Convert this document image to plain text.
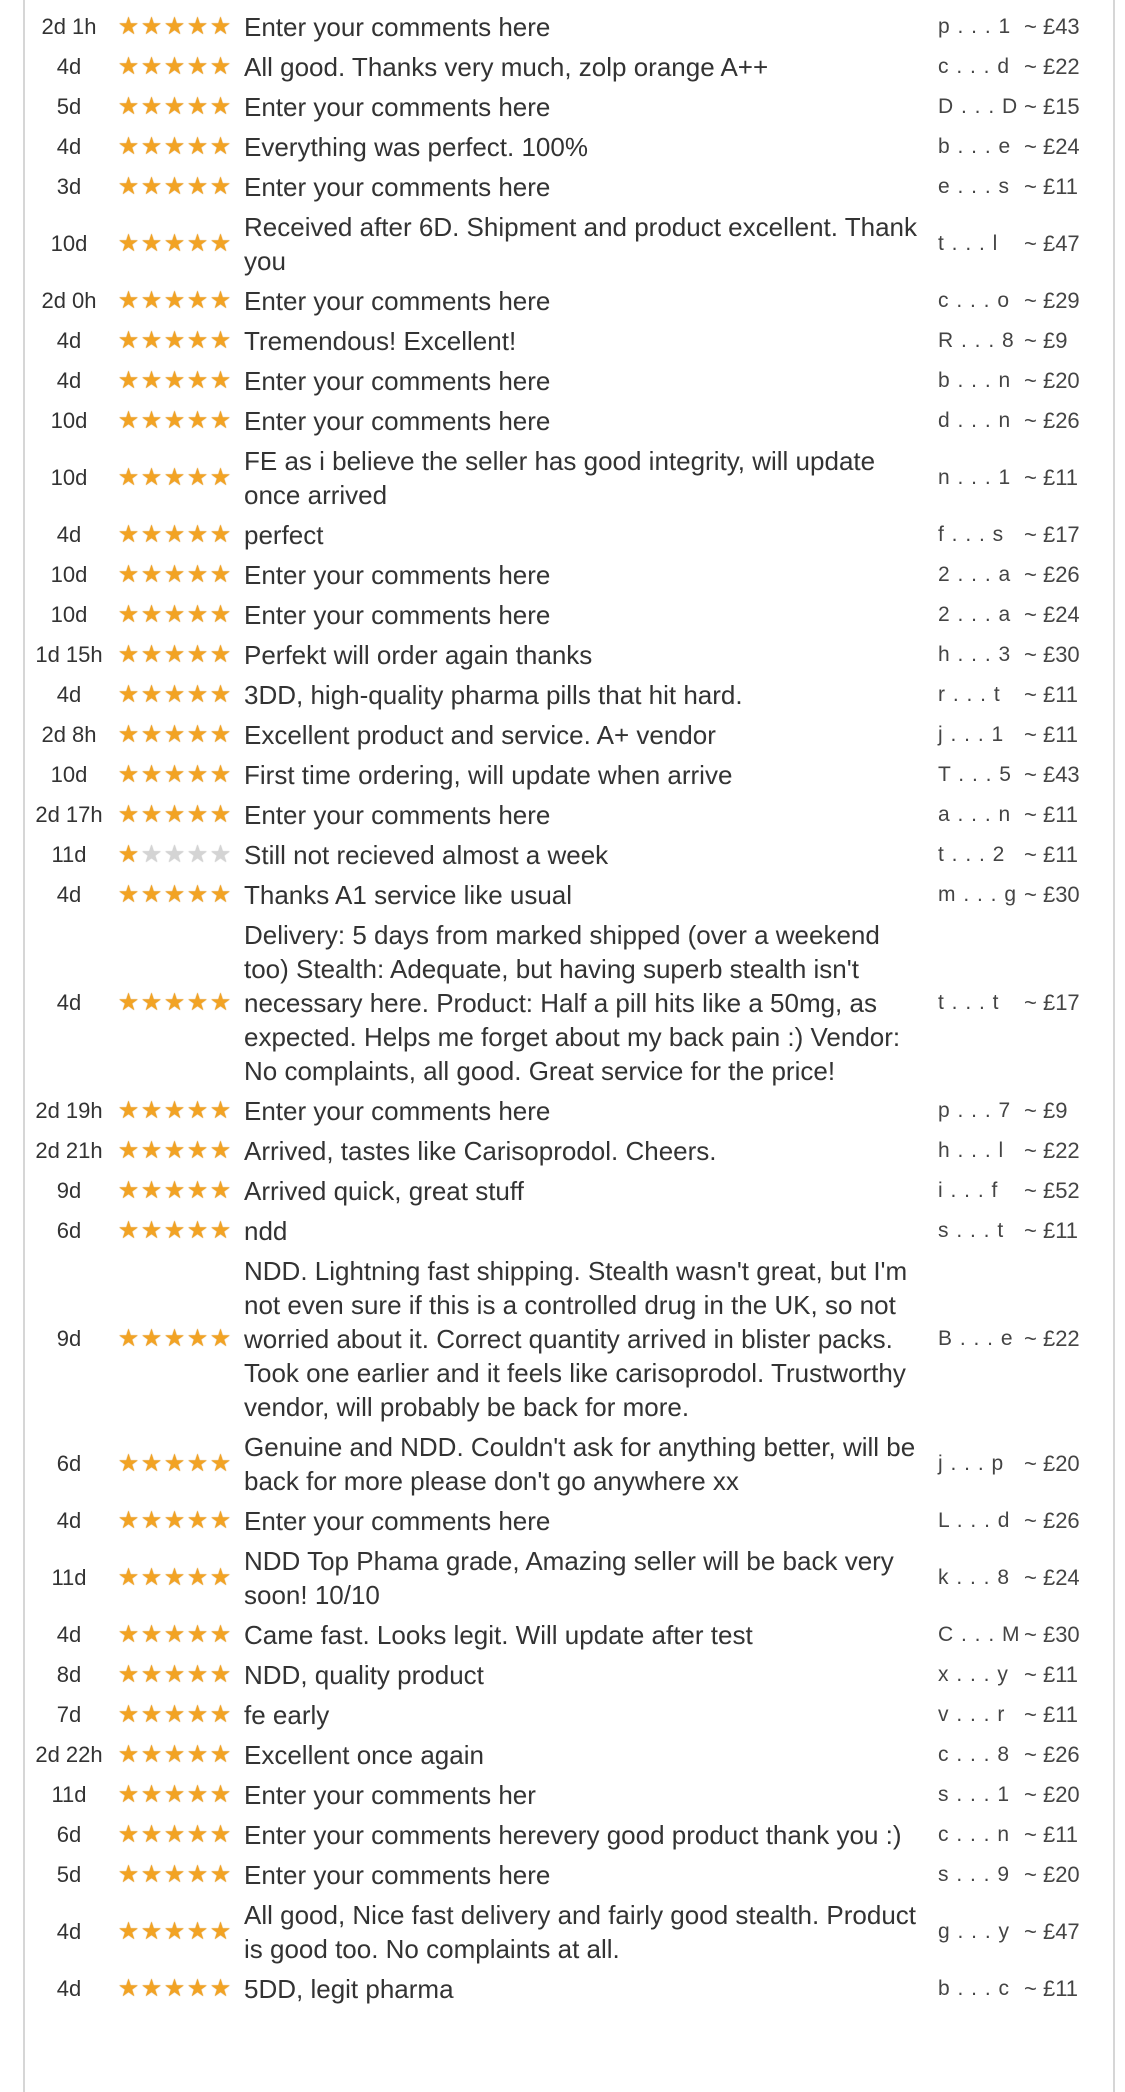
2d 1h	★★★★★	Enter your comments here	p . . . 1	~ £43
4d	★★★★★	All good. Thanks very much, zolp orange A++	c . . . d	~ £22
5d	★★★★★	Enter your comments here	D . . . D	~ £15
4d	★★★★★	Everything was perfect. 100%	b . . . e	~ £24
3d	★★★★★	Enter your comments here	e . . . s	~ £11
10d	★★★★★	Received after 6D. Shipment and product excellent. Thank you	t . . . l	~ £47
2d 0h	★★★★★	Enter your comments here	c . . . o	~ £29
4d	★★★★★	Tremendous! Excellent!	R . . . 8	~ £9
4d	★★★★★	Enter your comments here	b . . . n	~ £20
10d	★★★★★	Enter your comments here	d . . . n	~ £26
10d	★★★★★	FE as i believe the seller has good integrity, will update once arrived	n . . . 1	~ £11
4d	★★★★★	perfect	f . . . s	~ £17
10d	★★★★★	Enter your comments here	2 . . . a	~ £26
10d	★★★★★	Enter your comments here	2 . . . a	~ £24
1d 15h	★★★★★	Perfekt will order again thanks	h . . . 3	~ £30
4d	★★★★★	3DD, high-quality pharma pills that hit hard.	r . . . t	~ £11
2d 8h	★★★★★	Excellent product and service. A+ vendor	j . . . 1	~ £11
10d	★★★★★	First time ordering, will update when arrive	T . . . 5	~ £43
2d 17h	★★★★★	Enter your comments here	a . . . n	~ £11
11d	★★★★★	Still not recieved almost a week	t . . . 2	~ £11
4d	★★★★★	Thanks A1 service like usual	m . . . g	~ £30
4d	★★★★★	Delivery: 5 days from marked shipped (over a weekend too) Stealth: Adequate, but having superb stealth isn't necessary here. Product: Half a pill hits like a 50mg, as expected. Helps me forget about my back pain :) Vendor: No complaints, all good. Great service for the price!	t . . . t	~ £17
2d 19h	★★★★★	Enter your comments here	p . . . 7	~ £9
2d 21h	★★★★★	Arrived, tastes like Carisoprodol. Cheers.	h . . . l	~ £22
9d	★★★★★	Arrived quick, great stuff	i . . . f	~ £52
6d	★★★★★	ndd	s . . . t	~ £11
9d	★★★★★	NDD. Lightning fast shipping. Stealth wasn't great, but I'm not even sure if this is a controlled drug in the UK, so not worried about it. Correct quantity arrived in blister packs. Took one earlier and it feels like carisoprodol. Trustworthy vendor, will probably be back for more.	B . . . e	~ £22
6d	★★★★★	Genuine and NDD. Couldn't ask for anything better, will be back for more please don't go anywhere xx	j . . . p	~ £20
4d	★★★★★	Enter your comments here	L . . . d	~ £26
11d	★★★★★	NDD Top Phama grade, Amazing seller will be back very soon! 10/10	k . . . 8	~ £24
4d	★★★★★	Came fast. Looks legit. Will update after test	C . . . M	~ £30
8d	★★★★★	NDD, quality product	x . . . y	~ £11
7d	★★★★★	fe early	v . . . r	~ £11
2d 22h	★★★★★	Excellent once again	c . . . 8	~ £26
11d	★★★★★	Enter your comments her	s . . . 1	~ £20
6d	★★★★★	Enter your comments herevery good product thank you :)	c . . . n	~ £11
5d	★★★★★	Enter your comments here	s . . . 9	~ £20
4d	★★★★★	All good, Nice fast delivery and fairly good stealth. Product is good too. No complaints at all.	g . . . y	~ £47
4d	★★★★★	5DD, legit pharma	b . . . c	~ £11
